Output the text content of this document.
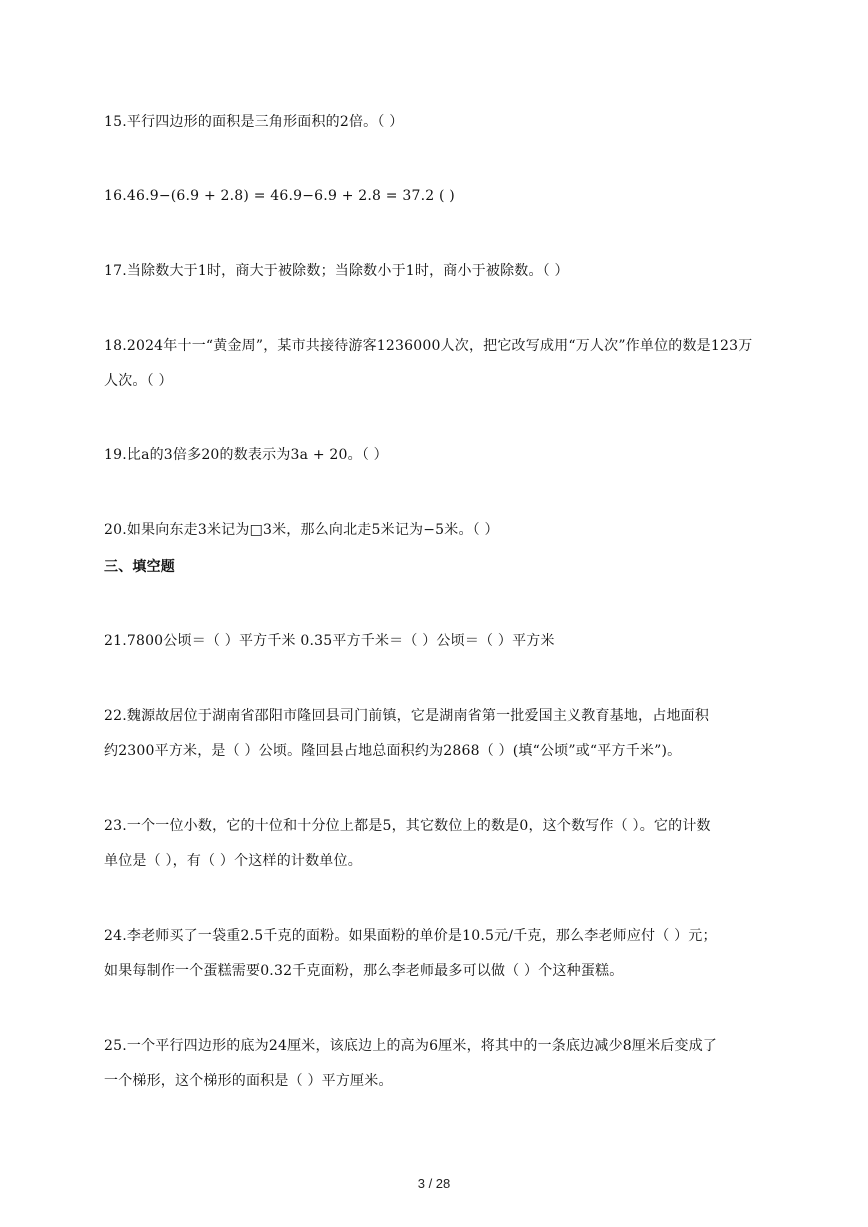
15.平行四边形的面积是三角形面积的2倍。（ ）
16.46.9−(6.9 + 2.8) = 46.9−6.9 + 2.8 = 37.2 ( )
17.当除数大于1时，商大于被除数；当除数小于1时，商小于被除数。（ ）
18.2024年十一“黄金周”，某市共接待游客1236000人次，把它改写成用“万人次”作单位的数是123万
人次。（ ）
19.比a的3倍多20的数表示为3a + 20。（ ）
20.如果向东走3米记为□3米，那么向北走5米记为−5米。（ ）
三、填空题
21.7800公顷＝（ ）平方千米 0.35平方千米＝（ ）公顷＝（ ）平方米
22.魏源故居位于湖南省邵阳市隆回县司门前镇，它是湖南省第一批爱国主义教育基地，占地面积
约2300平方米，是（ ）公顷。隆回县占地总面积约为2868（ ）(填“公顷”或“平方千米”)。
23.一个一位小数，它的十位和十分位上都是5，其它数位上的数是0，这个数写作（ ）。它的计数
单位是（ ），有（ ）个这样的计数单位。
24.李老师买了一袋重2.5千克的面粉。如果面粉的单价是10.5元/千克，那么李老师应付（ ）元；
如果每制作一个蛋糕需要0.32千克面粉，那么李老师最多可以做（ ）个这种蛋糕。
25.一个平行四边形的底为24厘米，该底边上的高为6厘米，将其中的一条底边减少8厘米后变成了
一个梯形，这个梯形的面积是（ ）平方厘米。
3 / 28
